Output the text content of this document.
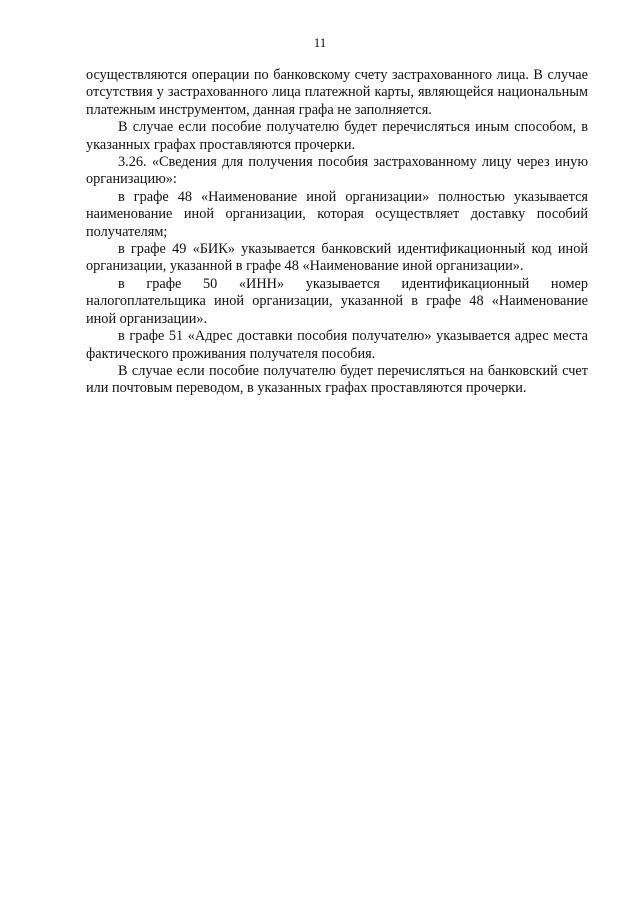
11

осуществляются операции по банковскому счету застрахованного лица. В случае отсутствия у застрахованного лица платежной карты, являющейся национальным платежным инструментом, данная графа не заполняется.

В случае если пособие получателю будет перечисляться иным способом, в указанных графах проставляются прочерки.

3.26. «Сведения для получения пособия застрахованному лицу через иную организацию»:

в графе 48 «Наименование иной организации» полностью указывается наименование иной организации, которая осуществляет доставку пособий получателям;

в графе 49 «БИК» указывается банковский идентификационный код иной организации, указанной в графе 48 «Наименование иной организации».

в графе 50 «ИНН» указывается идентификационный номер налогоплательщика иной организации, указанной в графе 48 «Наименование иной организации».

в графе 51 «Адрес доставки пособия получателю» указывается адрес места фактического проживания получателя пособия.

В случае если пособие получателю будет перечисляться на банковский счет или почтовым переводом, в указанных графах проставляются прочерки.
